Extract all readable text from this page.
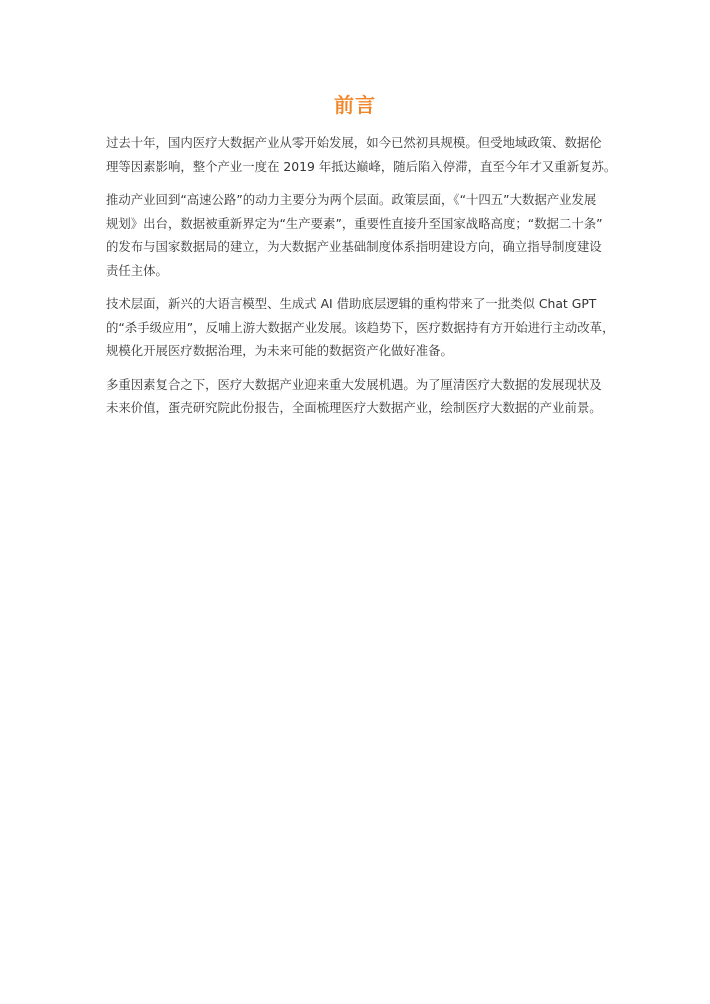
前言

过去十年，国内医疗大数据产业从零开始发展，如今已然初具规模。但受地域政策、数据伦
理等因素影响，整个产业一度在 2019 年抵达巅峰，随后陷入停滞，直至今年才又重新复苏。

推动产业回到“高速公路”的动力主要分为两个层面。政策层面，《“十四五”大数据产业发展
规划》出台，数据被重新界定为“生产要素”，重要性直接升至国家战略高度；“数据二十条”
的发布与国家数据局的建立，为大数据产业基础制度体系指明建设方向，确立指导制度建设
责任主体。

技术层面，新兴的大语言模型、生成式 AI 借助底层逻辑的重构带来了一批类似 Chat GPT
的“杀手级应用”，反哺上游大数据产业发展。该趋势下，医疗数据持有方开始进行主动改革，
规模化开展医疗数据治理，为未来可能的数据资产化做好准备。

多重因素复合之下，医疗大数据产业迎来重大发展机遇。为了厘清医疗大数据的发展现状及
未来价值，蛋壳研究院此份报告，全面梳理医疗大数据产业，绘制医疗大数据的产业前景。
